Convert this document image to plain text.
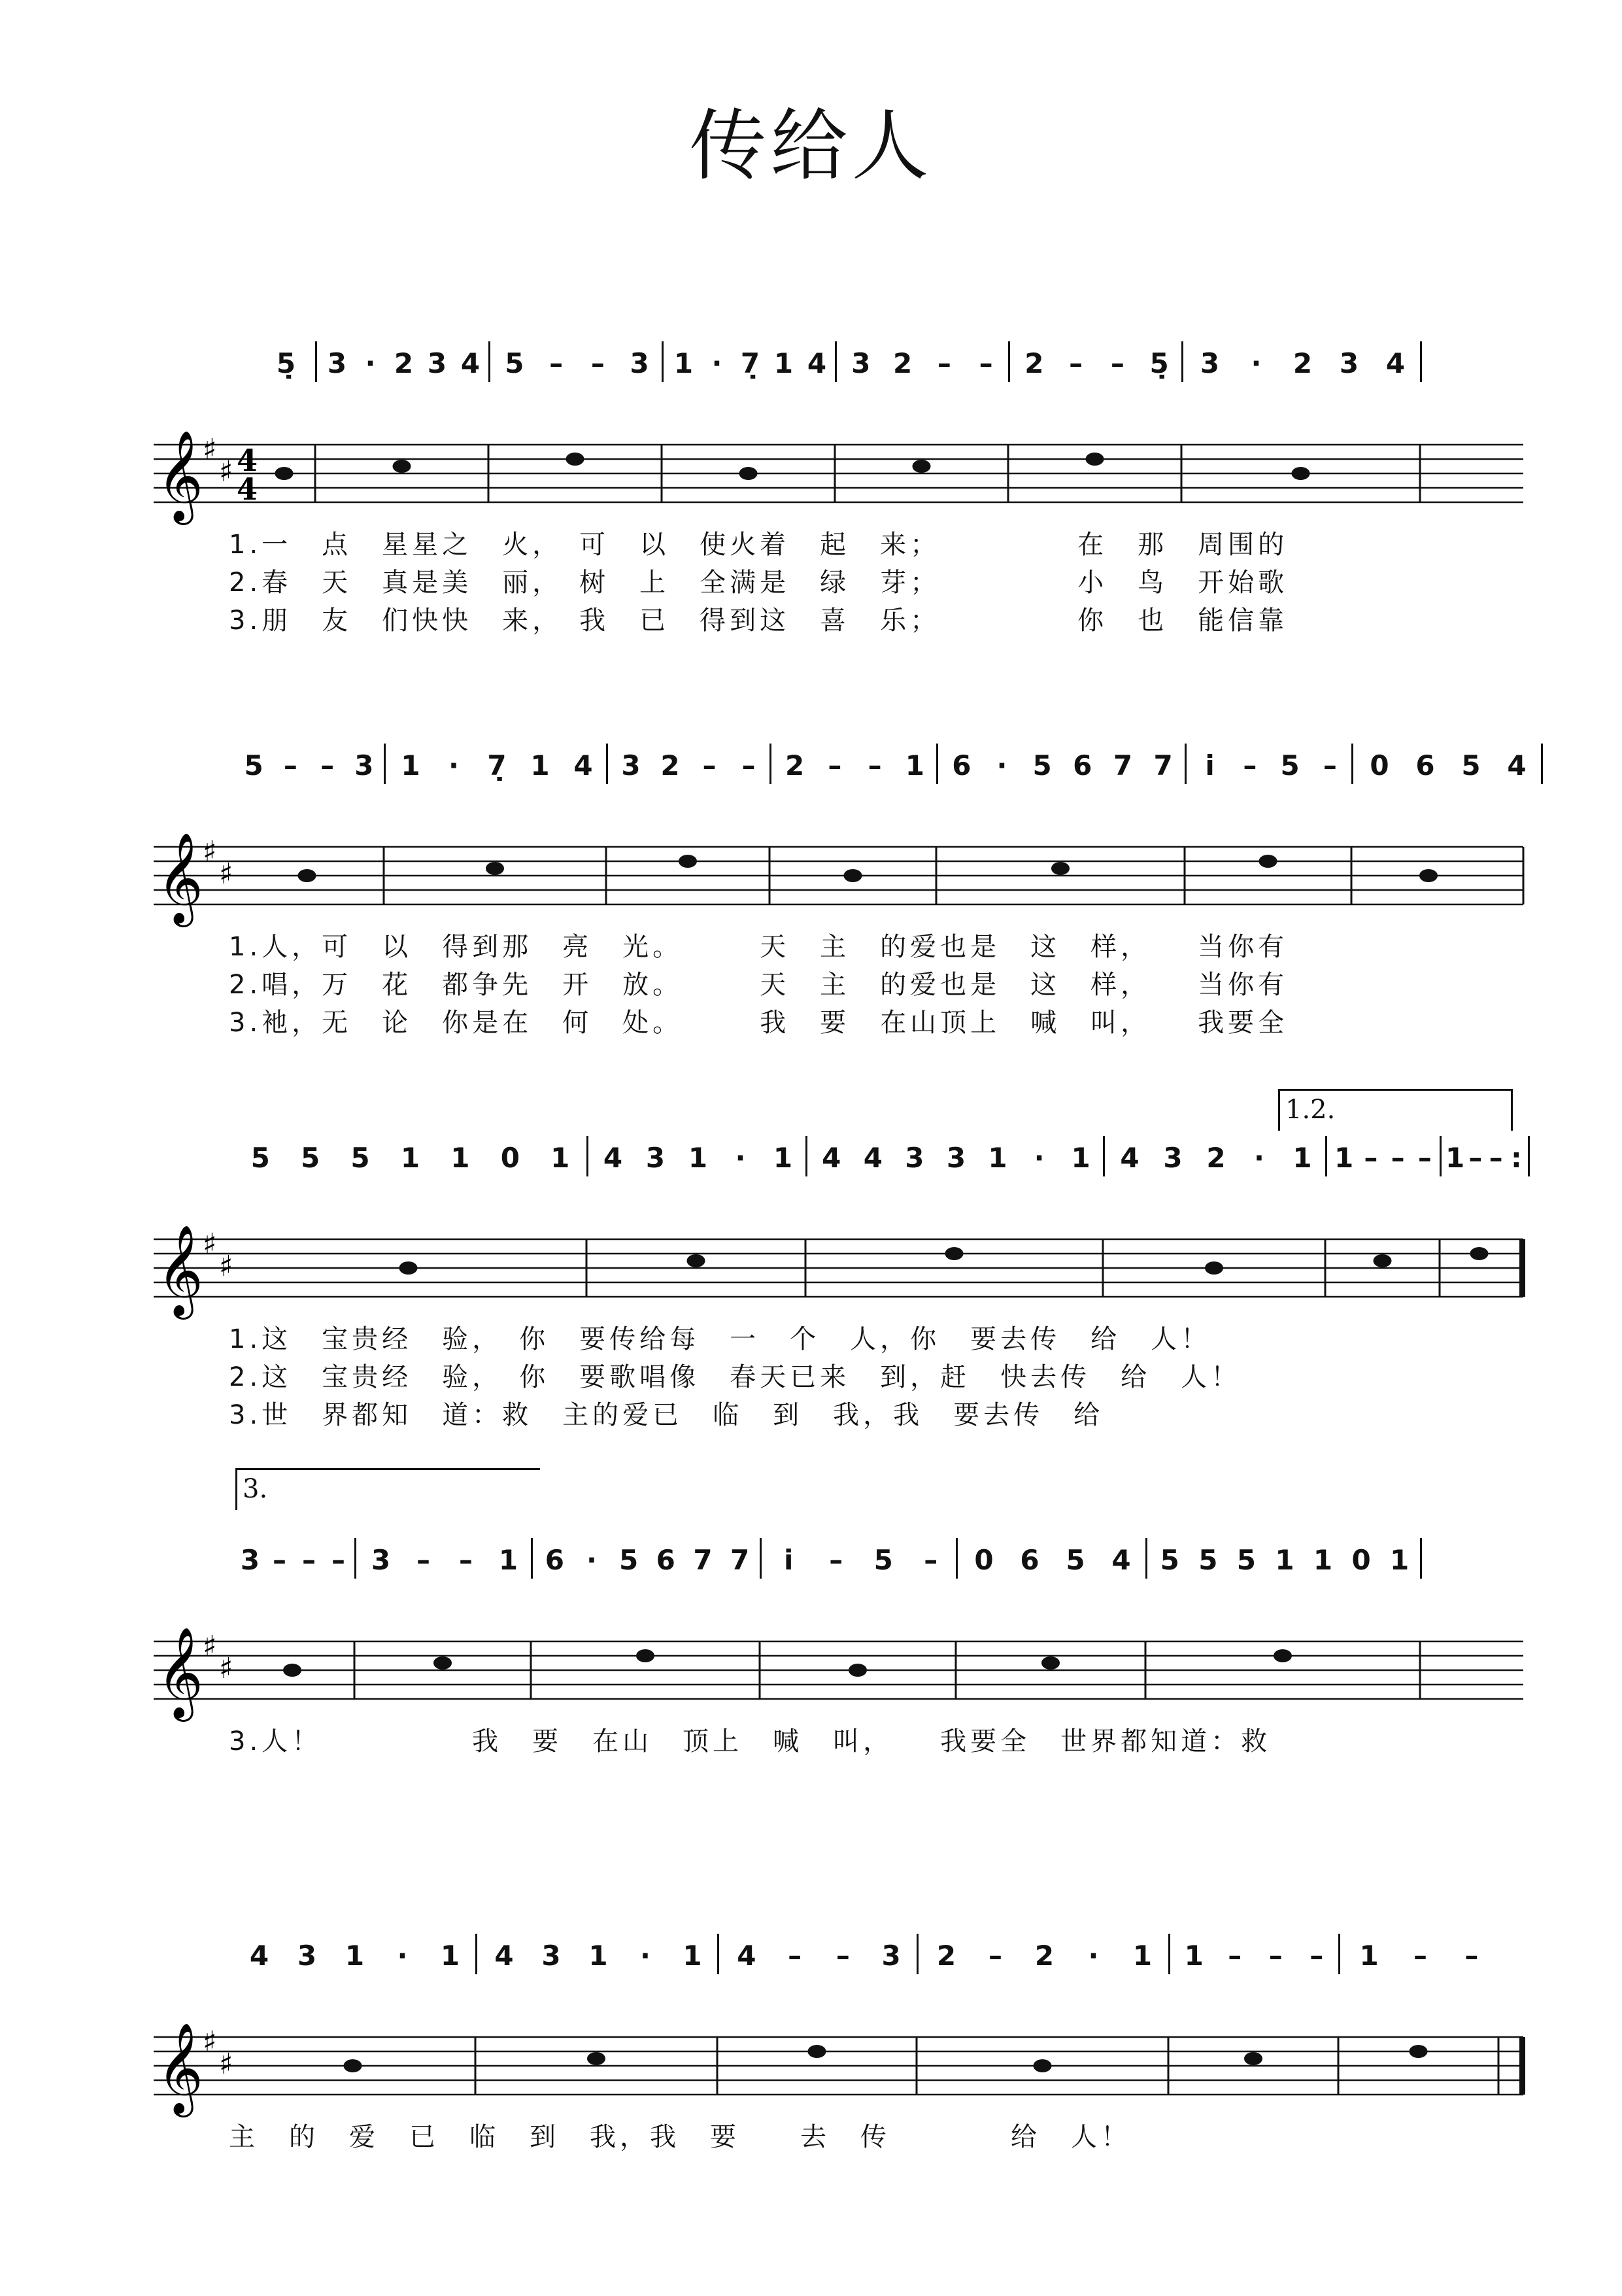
传给人
5̣ 3 · 2 3 4 5 – – 3 1 · 7̣ 1 4 3 2 – – 2 – – 5̣ 3 · 2 3 4
𝄞 ♯
♯ 4
4
1.一　点　星星之　火，　可　以　使火着　起　来；　　　　　在　那　周围的
2.春　天　真是美　丽，　树　上　全满是　绿　芽；　　　　　小　鸟　开始歌
3.朋　友　们快快　来，　我　已　得到这　喜　乐；　　　　　你　也　能信靠
5 – – 3 1 · 7̣ 1 4 3 2 – – 2 – – 1 6 · 5 6 7 7 i̇ – 5 – 0 6 5 4
𝄞 ♯
♯
1.人，可　以　得到那　亮　光。　　　天　主　的爱也是　这　样，　　当你有
2.唱，万　花　都争先　开　放。　　　天　主　的爱也是　这　样，　　当你有
3.衪，无　论　你是在　何　处。　　　我　要　在山顶上　喊　叫，　　我要全
5 5 5 1 1 0 1 4 3 1 · 1 4 4 3 3 1 · 1 4 3 2 · 1 1 – – – 1 – – :
𝄞 ♯
♯
1.2.
1.这　宝贵经　验，　你　要传给每　一　个　人，你　要去传　给　人！
2.这　宝贵经　验，　你　要歌唱像　春天已来　到，赶　快去传　给　人！
3.世　界都知　道：救　主的爱已　临　到　我，我　要去传　给
3 – – – 3 – – 1 6 · 5 6 7 7 i̇ – 5 – 0 6 5 4 5 5 5 1 1 0 1
𝄞 ♯
♯
3.
3.人！　　　　　我　要　在山　顶上　喊　叫，　　我要全　世界都知道：救
4 3 1 · 1 4 3 1 · 1 4 – – 3 2 – 2 · 1 1 – – – 1 – –
𝄞 ♯
♯
主　的　爱　已　临　到　我，我　要　　去　传　　　　给　人！
